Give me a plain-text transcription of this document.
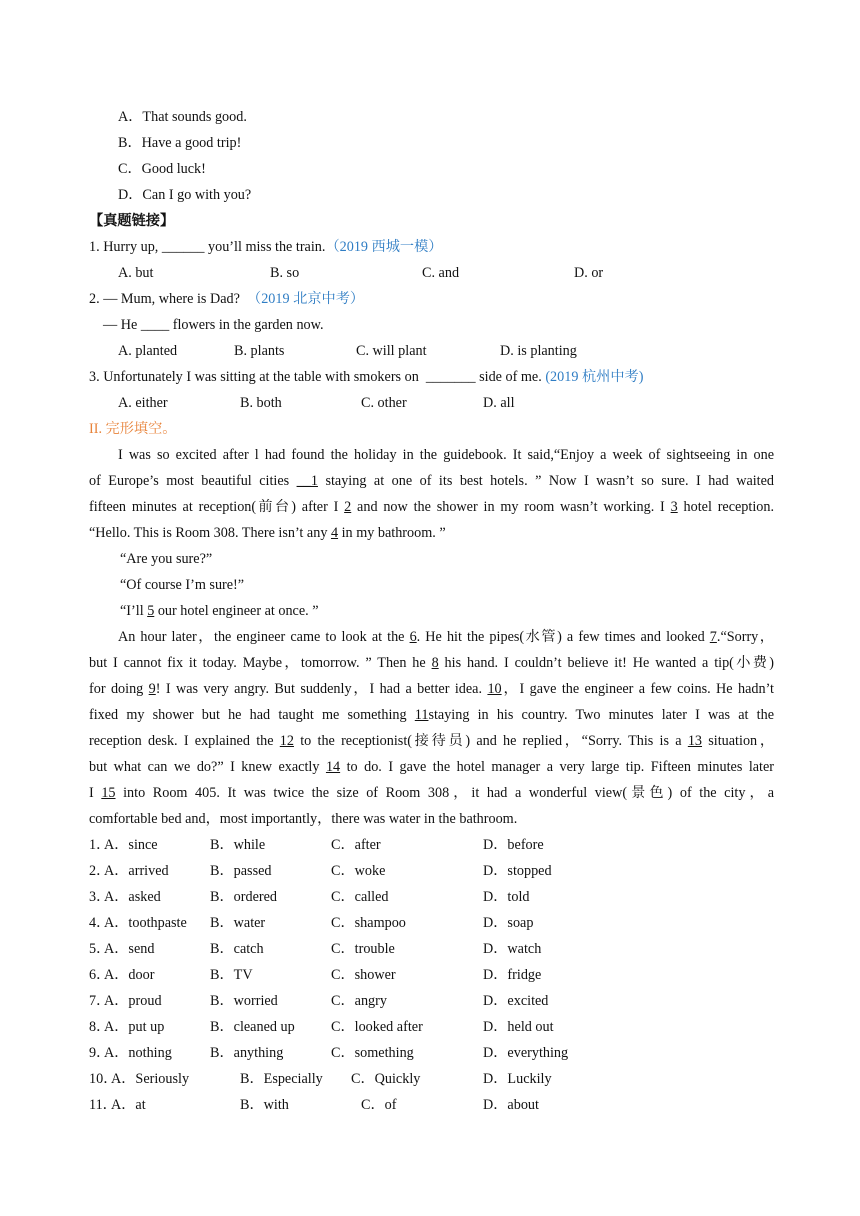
A．That sounds good.
B．Have a good trip!
C．Good luck!
D．Can I go with you?
【真题链接】
1. Hurry up, ______ you’ll miss the train.（2019 西城一模）
A. but	B. so	C. and	D. or
2. — Mum, where is Dad? （2019 北京中考）
— He ____ flowers in the garden now.
A. planted	B. plants	C. will plant	D. is planting
3. Unfortunately I was sitting at the table with smokers on _______ side of me. (2019 杭州中考)
A. either	B. both	C. other	D. all
II. 完形填空。
I was so excited after l had found the holiday in the guidebook. It said,“Enjoy a week of sightseeing in one
of Europe’s most beautiful cities __1 staying at one of its best hotels. ” Now I wasn’t so sure. I had waited
fifteen minutes at reception(前台) after I 2 and now the shower in my room wasn’t working. I 3 hotel reception.
“Hello. This is Room 308. There isn’t any 4 in my bathroom. ”
“Are you sure?”
“Of course I’m sure!”
“I’ll 5 our hotel engineer at once. ”
An hour later，the engineer came to look at the 6. He hit the pipes(水管) a few times and looked 7.“Sorry，
but I cannot fix it today. Maybe，tomorrow. ” Then he 8 his hand. I couldn’t believe it! He wanted a tip(小费)
for doing 9! I was very angry. But suddenly，I had a better idea. 10，I gave the engineer a few coins. He hadn’t
fixed my shower but he had taught me something 11staying in his country. Two minutes later I was at the
reception desk. I explained the 12 to the receptionist(接待员) and he replied，“Sorry. This is a 13 situation，
but what can we do?” I knew exactly 14 to do. I gave the hotel manager a very large tip. Fifteen minutes later
I 15 into Room 405. It was twice the size of Room 308，it had a wonderful view(景色) of the city，a
comfortable bed and，most importantly，there was water in the bathroom.
1．
A．since	B．while	C．after	D．before
2．
A．arrived	B．passed	C．woke	D．stopped
3．
A．asked	B．ordered	C．called	D．told
4．
A．toothpaste B．water	C．shampoo	D．soap
5．
A．send	B．catch	C．trouble	D．watch
6．
A．door	B．TV	C．shower	D．fridge
7．
A．proud	B．worried	C．angry	D．excited
8．
A．put up	B．cleaned up	C．looked after	D．held out
9．
A．nothing	B．anything	C．something	D．everything
10．
A．Seriously	B．Especially C．Quickly	D．Luckily
11．
A．at	B．with	C．of	D．about
